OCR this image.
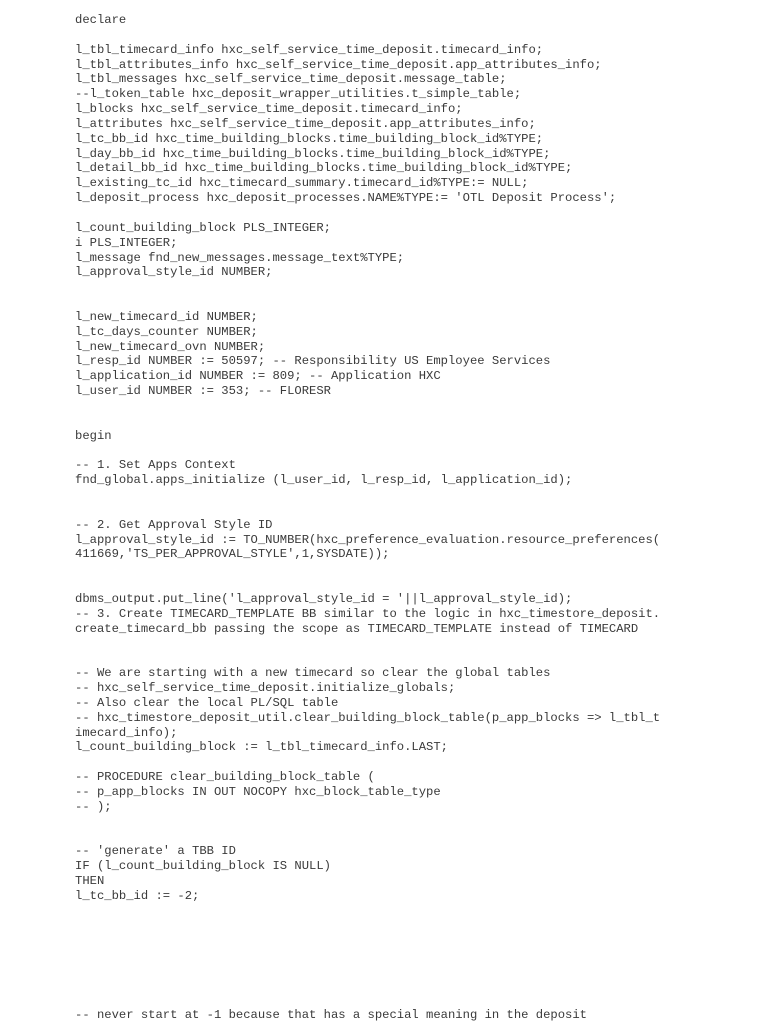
declare
l_tbl_timecard_info hxc_self_service_time_deposit.timecard_info;
l_tbl_attributes_info hxc_self_service_time_deposit.app_attributes_info;
l_tbl_messages hxc_self_service_time_deposit.message_table;
--l_token_table hxc_deposit_wrapper_utilities.t_simple_table;
l_blocks hxc_self_service_time_deposit.timecard_info;
l_attributes hxc_self_service_time_deposit.app_attributes_info;
l_tc_bb_id hxc_time_building_blocks.time_building_block_id%TYPE;
l_day_bb_id hxc_time_building_blocks.time_building_block_id%TYPE;
l_detail_bb_id hxc_time_building_blocks.time_building_block_id%TYPE;
l_existing_tc_id hxc_timecard_summary.timecard_id%TYPE:= NULL;
l_deposit_process hxc_deposit_processes.NAME%TYPE:= 'OTL Deposit Process';
l_count_building_block PLS_INTEGER;
i PLS_INTEGER;
l_message fnd_new_messages.message_text%TYPE;
l_approval_style_id NUMBER;
l_new_timecard_id NUMBER;
l_tc_days_counter NUMBER;
l_new_timecard_ovn NUMBER;
l_resp_id NUMBER := 50597; -- Responsibility US Employee Services
l_application_id NUMBER := 809; -- Application HXC
l_user_id NUMBER := 353; -- FLORESR
begin
-- 1. Set Apps Context
fnd_global.apps_initialize (l_user_id, l_resp_id, l_application_id);
-- 2. Get Approval Style ID
l_approval_style_id := TO_NUMBER(hxc_preference_evaluation.resource_preferences(
411669,'TS_PER_APPROVAL_STYLE',1,SYSDATE));
dbms_output.put_line('l_approval_style_id = '||l_approval_style_id);
-- 3. Create TIMECARD_TEMPLATE BB similar to the logic in hxc_timestore_deposit.
create_timecard_bb passing the scope as TIMECARD_TEMPLATE instead of TIMECARD
-- We are starting with a new timecard so clear the global tables
-- hxc_self_service_time_deposit.initialize_globals;
-- Also clear the local PL/SQL table
-- hxc_timestore_deposit_util.clear_building_block_table(p_app_blocks => l_tbl_t
imecard_info);
l_count_building_block := l_tbl_timecard_info.LAST;
-- PROCEDURE clear_building_block_table (
-- p_app_blocks IN OUT NOCOPY hxc_block_table_type
-- );
-- 'generate' a TBB ID
IF (l_count_building_block IS NULL)
THEN
l_tc_bb_id := -2;
-- never start at -1 because that has a special meaning in the deposit
